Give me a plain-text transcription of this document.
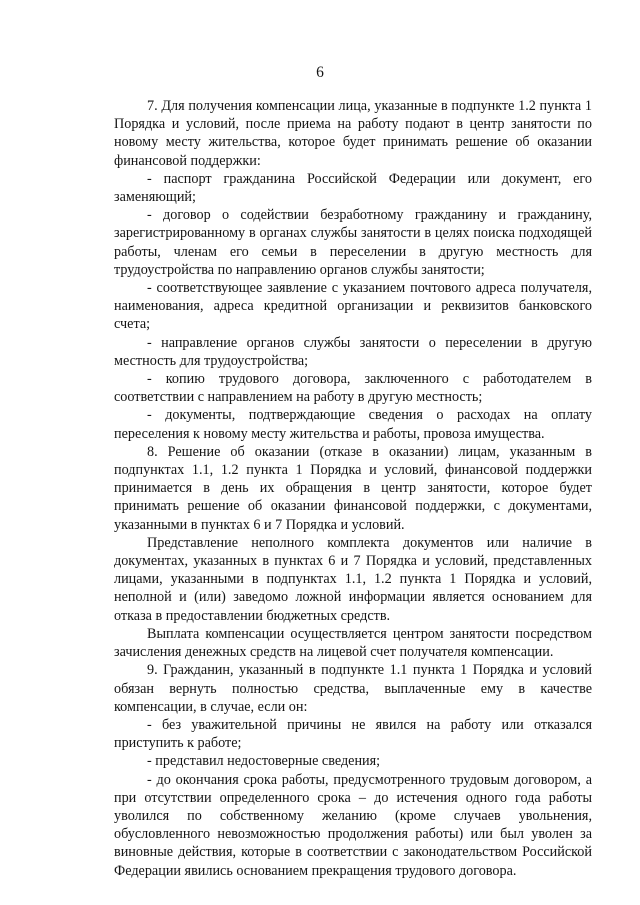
6

7. Для получения компенсации лица, указанные в подпункте 1.2 пункта 1 Порядка и условий, после приема на работу подают в центр занятости по новому месту жительства, которое будет принимать решение об оказании финансовой поддержки:

- паспорт гражданина Российской Федерации или документ, его заменяющий;

- договор о содействии безработному гражданину и гражданину, зарегистрированному в органах службы занятости в целях поиска подходящей работы, членам его семьи в переселении в другую местность для трудоустройства по направлению органов службы занятости;

- соответствующее заявление с указанием почтового адреса получателя, наименования, адреса кредитной организации и реквизитов банковского счета;

- направление органов службы занятости о переселении в другую местность для трудоустройства;

- копию трудового договора, заключенного с работодателем в соответствии с направлением на работу в другую местность;

- документы, подтверждающие сведения о расходах на оплату переселения к новому месту жительства и работы, провоза имущества.

8. Решение об оказании (отказе в оказании) лицам, указанным в подпунктах 1.1, 1.2 пункта 1 Порядка и условий, финансовой поддержки принимается в день их обращения в центр занятости, которое будет принимать решение об оказании финансовой поддержки, с документами, указанными в пунктах 6 и 7 Порядка и условий.

Представление неполного комплекта документов или наличие в документах, указанных в пунктах 6 и 7 Порядка и условий, представленных лицами, указанными в подпунктах 1.1, 1.2 пункта 1 Порядка и условий, неполной и (или) заведомо ложной информации является основанием для отказа в предоставлении бюджетных средств.

Выплата компенсации осуществляется центром занятости посредством зачисления денежных средств на лицевой счет получателя компенсации.

9. Гражданин, указанный в подпункте 1.1 пункта 1 Порядка и условий обязан вернуть полностью средства, выплаченные ему в качестве компенсации, в случае, если он:

- без уважительной причины не явился на работу или отказался приступить к работе;

- представил недостоверные сведения;

- до окончания срока работы, предусмотренного трудовым договором, а при отсутствии определенного срока – до истечения одного года работы уволился по собственному желанию (кроме случаев увольнения, обусловленного невозможностью продолжения работы) или был уволен за виновные действия, которые в соответствии с законодательством Российской Федерации явились основанием прекращения трудового договора.
